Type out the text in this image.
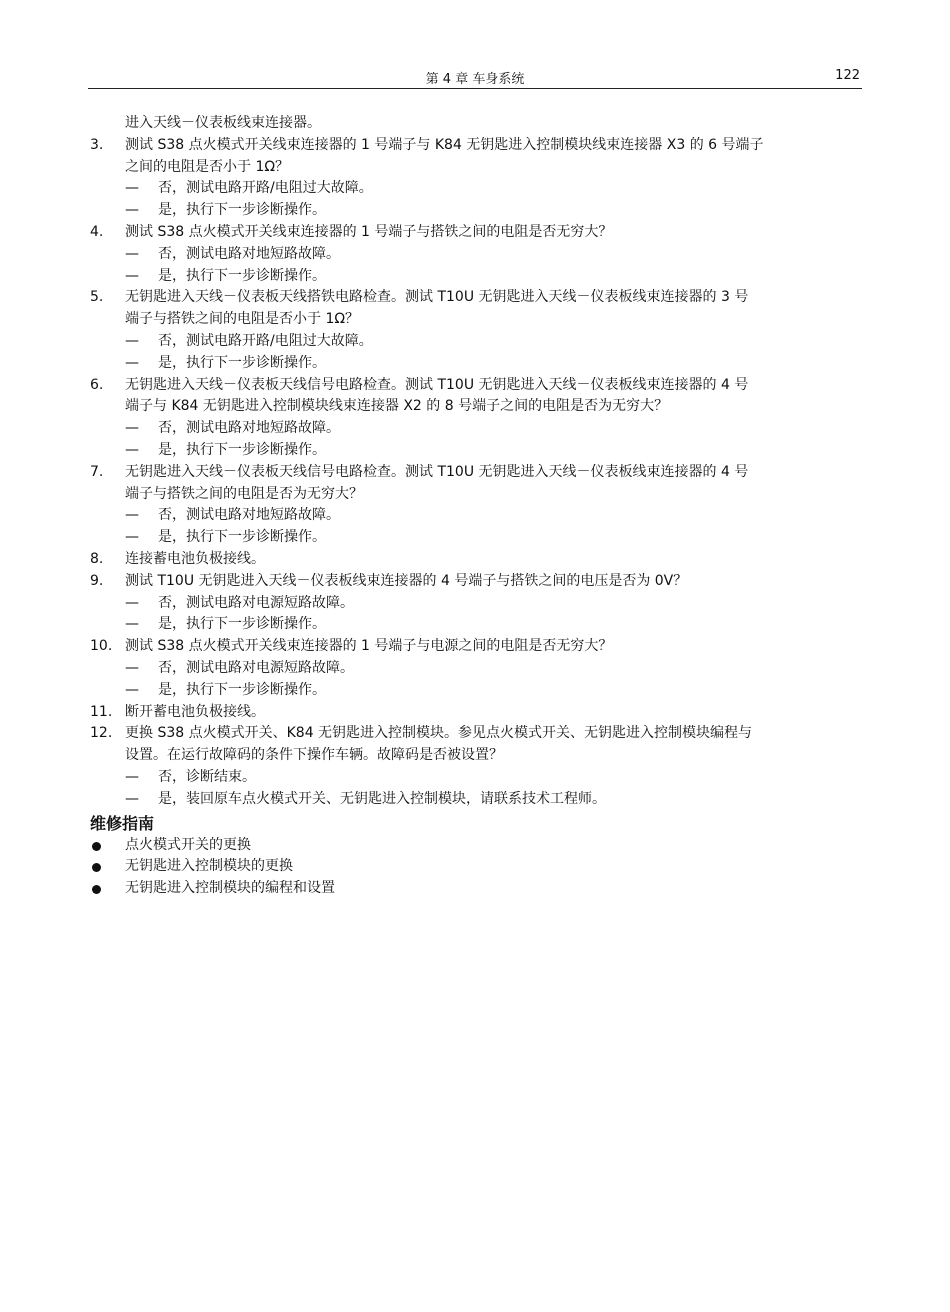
第 4 章 车身系统	122
进入天线－仪表板线束连接器。
3. 测试 S38 点火模式开关线束连接器的 1 号端子与 K84 无钥匙进入控制模块线束连接器 X3 的 6 号端子
之间的电阻是否小于 1Ω？
— 否，测试电路开路/电阻过大故障。
— 是，执行下一步诊断操作。
4. 测试 S38 点火模式开关线束连接器的 1 号端子与搭铁之间的电阻是否无穷大？
— 否，测试电路对地短路故障。
— 是，执行下一步诊断操作。
5. 无钥匙进入天线－仪表板天线搭铁电路检查。测试 T10U 无钥匙进入天线－仪表板线束连接器的 3 号
端子与搭铁之间的电阻是否小于 1Ω？
— 否，测试电路开路/电阻过大故障。
— 是，执行下一步诊断操作。
6. 无钥匙进入天线－仪表板天线信号电路检查。测试 T10U 无钥匙进入天线－仪表板线束连接器的 4 号
端子与 K84 无钥匙进入控制模块线束连接器 X2 的 8 号端子之间的电阻是否为无穷大？
— 否，测试电路对地短路故障。
— 是，执行下一步诊断操作。
7. 无钥匙进入天线－仪表板天线信号电路检查。测试 T10U 无钥匙进入天线－仪表板线束连接器的 4 号
端子与搭铁之间的电阻是否为无穷大？
— 否，测试电路对地短路故障。
— 是，执行下一步诊断操作。
8. 连接蓄电池负极接线。
9. 测试 T10U 无钥匙进入天线－仪表板线束连接器的 4 号端子与搭铁之间的电压是否为 0V？
— 否，测试电路对电源短路故障。
— 是，执行下一步诊断操作。
10. 测试 S38 点火模式开关线束连接器的 1 号端子与电源之间的电阻是否无穷大？
— 否，测试电路对电源短路故障。
— 是，执行下一步诊断操作。
11. 断开蓄电池负极接线。
12. 更换 S38 点火模式开关、K84 无钥匙进入控制模块。参见点火模式开关、无钥匙进入控制模块编程与
设置。在运行故障码的条件下操作车辆。故障码是否被设置？
— 否，诊断结束。
— 是，装回原车点火模式开关、无钥匙进入控制模块，请联系技术工程师。
维修指南
点火模式开关的更换
无钥匙进入控制模块的更换
无钥匙进入控制模块的编程和设置
